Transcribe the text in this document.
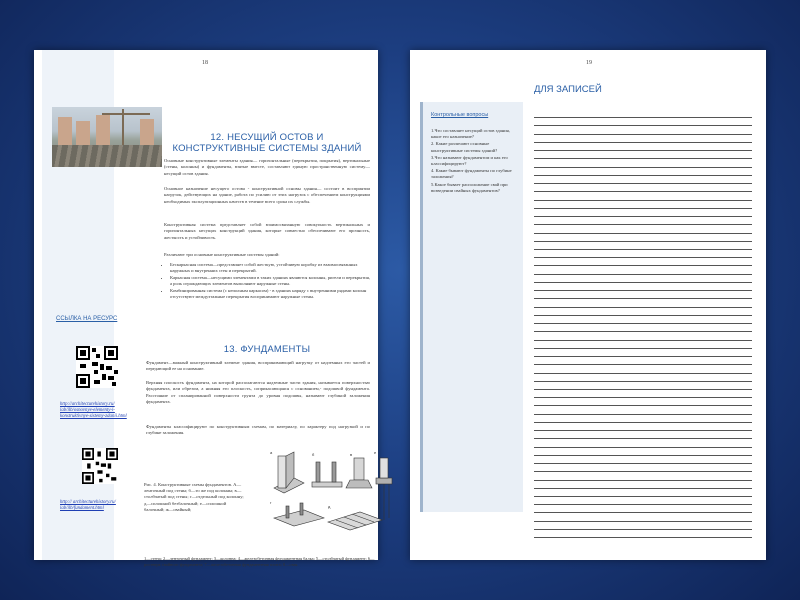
18
12. НЕСУЩИЙ ОСТОВ И КОНСТРУКТИВНЫЕ СИСТЕМЫ ЗДАНИЙ
Основные конструктивные элементы здания— горизонтальные (перекрытия, покрытия), вертикальные (стены, колонны) и фундаменты, взятые вместе, составляют единую пространственную систему—несущий остов здания.
Основное назначение несущего остова - конструктивной основы здания— состоит в восприятии нагрузок, действующих на здание, работа по усилию от этих нагрузок с обеспечением конструкциями необходимых эксплуатационных качеств в течение всего срока их службы.
Конструктивная система представляет собой взаимосвязанную совокупность вертикальных и горизонтальных несущих конструкций здания, которые совместно обеспечивают его прочность, жесткость и устойчивость.
Различают три основные конструктивные системы зданий:
• Бескаркасная система—представляет собой жесткую, устойчивую коробку из взаимосвязанных наружных и внутренних стен и перекрытий.
• Каркасная система—несущими элементами в таких зданиях являются колонны, ригели и перекрытия, а роль ограждающих элементов выполняют наружные стены.
• Комбинированная система (с неполным каркасом) - в зданиях наряду с внутренними рядами колонн отсутствуют междуэтажные перекрытия воспринимают наружные стены.
13. ФУНДАМЕНТЫ
Фундамент—важный конструктивный элемент здания, воспринимающий нагрузку от надземных его частей и передающий ее на основание.
Верхняя плоскость фундамента, на которой располагаются надземные части здания, называется поверхностью фундамента, или обрезом, а нижняя его плоскость, соприкасающаяся с основанием,- подошвой фундамента. Расстояние от спланированной поверхности грунта до уровня подошвы, называют глубиной заложения фундамента.
Фундаменты классифицируют по конструктивным схемам, по материалу, по характеру под нагрузкой и по глубине заложения.
ССЫЛКА НА РЕСУРС
http://architecturehistory.ru/ lab/ilb/osnovnye-elementy-i-konstruktivnye-sistemy-zdanii.html
http:// architecturehistory.ru/ lab/ilb/fundament.html
Рис. 4. Конструктивные схемы фундаментов. А—ленточный под стены; б—то же под колонны; в—столбчатый под стены; г—отдельный под колонну; д—сплошной безбалочный; е—сплошной балочный; ж—свайный;
1—стена; 2—ленточный фундамент; 3—колонна; 4—железобетонная фундаментная балка; 5—столбчатый фундамент; 6—ростверк свайного фундамента; 7—железобетонная фундаментная плита; 8—свая.
а	б	в
г
д
е
19
Контрольные вопросы
1.Что составляет несущий остов здания, какое его назначение?
2. Какие различают основные конструктивные системы зданий?
3.Что называют фундаментом и как его классифицируют?
4. Какие бывают фундаменты по глубине заложения?
5.Какое бывает расположение свай при возведении свайных фундаментов?
ДЛЯ ЗАПИСЕЙ
